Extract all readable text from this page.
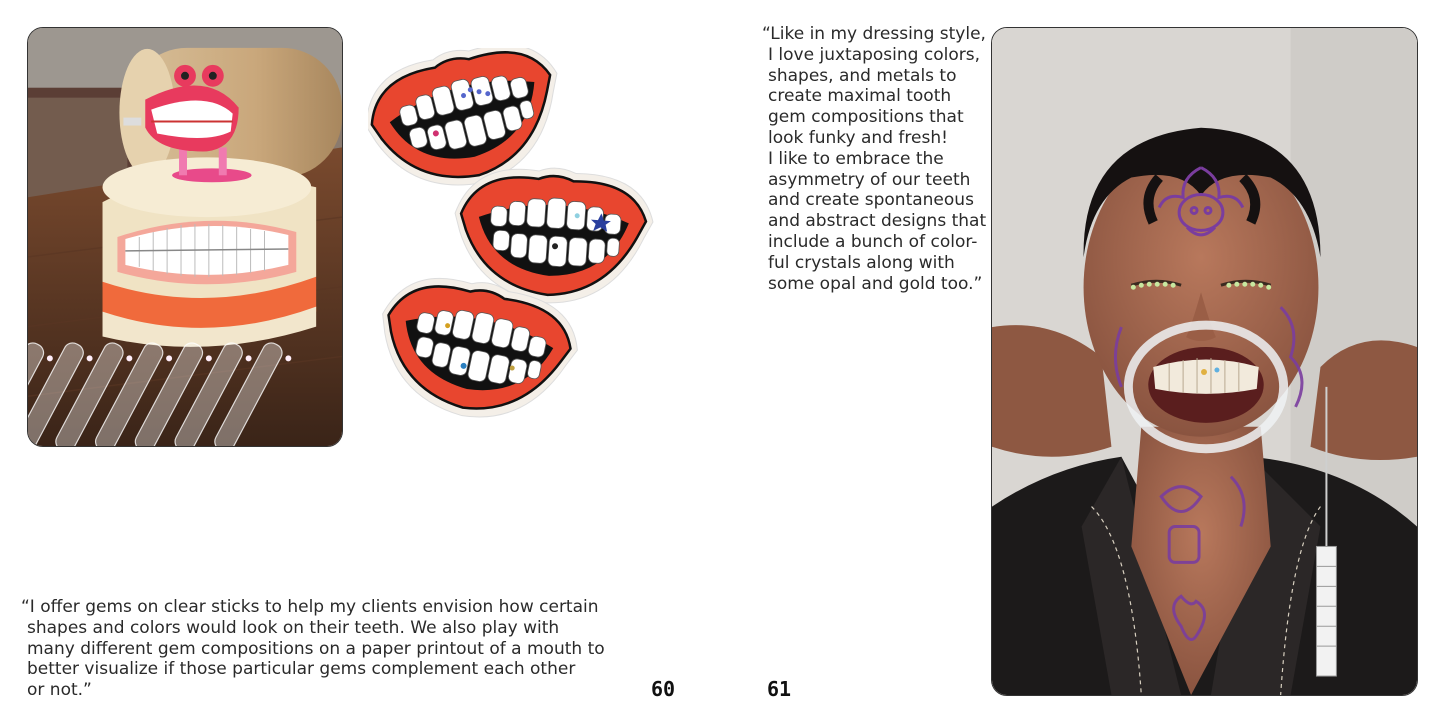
“I offer gems on clear sticks to help my clients envision how certain
shapes and colors would look on their teeth. We also play with
many different gem compositions on a paper printout of a mouth to
better visualize if those particular gems complement each other
or not.”	60

“Like in my dressing style,
I love juxtaposing colors,
shapes, and metals to
create maximal tooth
gem compositions that
look funky and fresh!
I like to embrace the
asymmetry of our teeth
and create spontaneous
and abstract designs that
include a bunch of color-
ful crystals along with
some opal and gold too.”

61
